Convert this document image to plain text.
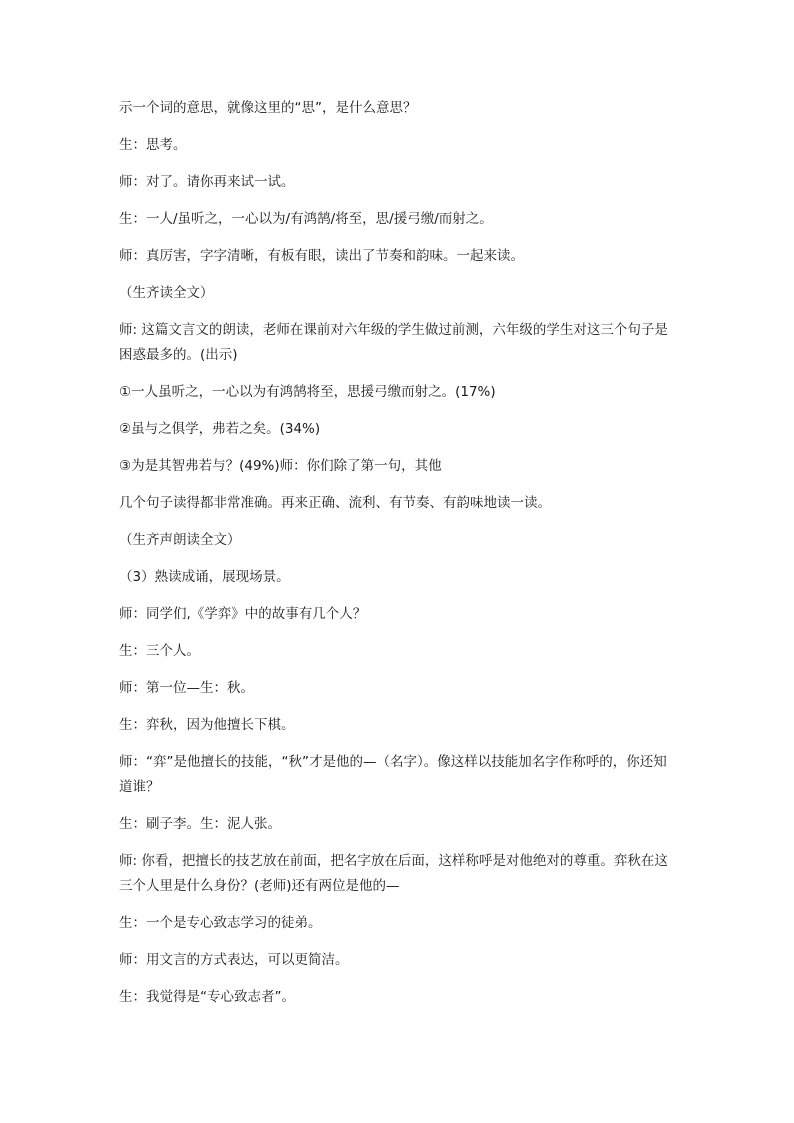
示一个词的意思，就像这里的“思”，是什么意思？

生：思考。

师：对了。请你再来试一试。

生：一人/虽听之，一心以为/有鸿鹄/将至，思/援弓缴/而射之。

师：真厉害，字字清晰，有板有眼，读出了节奏和韵味。一起来读。

（生齐读全文）

师: 这篇文言文的朗读，老师在课前对六年级的学生做过前测，六年级的学生对这三个句子是困惑最多的。(出示)

①一人虽听之，一心以为有鸿鹄将至，思援弓缴而射之。(17%)

②虽与之俱学，弗若之矣。(34%)

③为是其智弗若与？(49%)师：你们除了第一句，其他

几个句子读得都非常准确。再来正确、流利、有节奏、有韵味地读一读。

（生齐声朗读全文）

（3）熟读成诵，展现场景。

师：同学们,《学弈》中的故事有几个人？

生：三个人。

师：第一位—生：秋。

生：弈秋，因为他擅长下棋。

师：“弈”是他擅长的技能，“秋”才是他的—（名字）。像这样以技能加名字作称呼的，你还知道谁？

生：刷子李。生：泥人张。

师: 你看，把擅长的技艺放在前面，把名字放在后面，这样称呼是对他绝对的尊重。弈秋在这三个人里是什么身份？(老师)还有两位是他的—

生：一个是专心致志学习的徒弟。

师：用文言的方式表达，可以更简洁。

生：我觉得是“专心致志者”。
